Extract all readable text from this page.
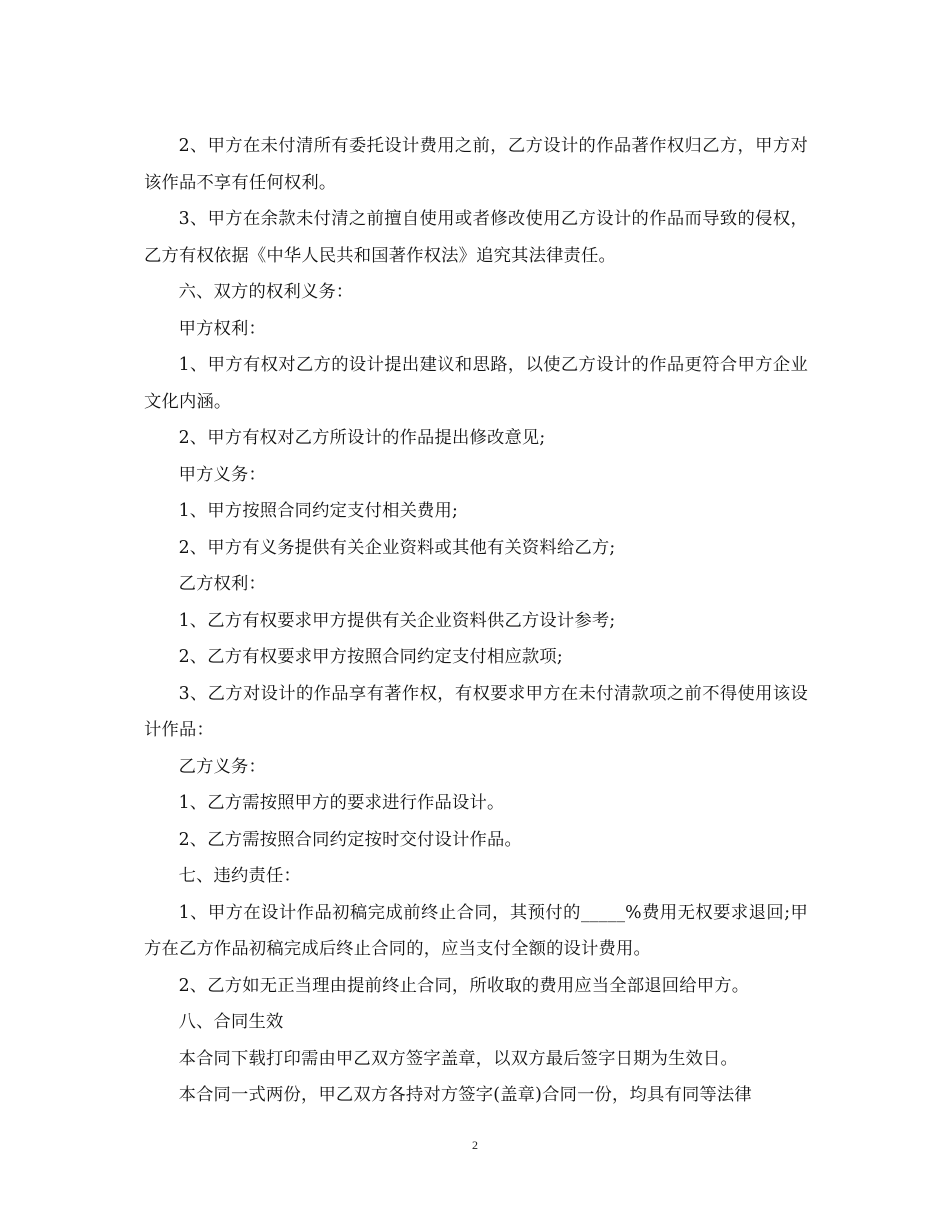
2、甲方在未付清所有委托设计费用之前，乙方设计的作品著作权归乙方，甲方对该作品不享有任何权利。

3、甲方在余款未付清之前擅自使用或者修改使用乙方设计的作品而导致的侵权，乙方有权依据《中华人民共和国著作权法》追究其法律责任。

六、双方的权利义务：

甲方权利：

1、甲方有权对乙方的设计提出建议和思路，以使乙方设计的作品更符合甲方企业文化内涵。

2、甲方有权对乙方所设计的作品提出修改意见;

甲方义务：

1、甲方按照合同约定支付相关费用;

2、甲方有义务提供有关企业资料或其他有关资料给乙方;

乙方权利：

1、乙方有权要求甲方提供有关企业资料供乙方设计参考;

2、乙方有权要求甲方按照合同约定支付相应款项;

3、乙方对设计的作品享有著作权，有权要求甲方在未付清款项之前不得使用该设计作品：

乙方义务：

1、乙方需按照甲方的要求进行作品设计。

2、乙方需按照合同约定按时交付设计作品。

七、违约责任：

1、甲方在设计作品初稿完成前终止合同，其预付的_____%费用无权要求退回;甲方在乙方作品初稿完成后终止合同的，应当支付全额的设计费用。

2、乙方如无正当理由提前终止合同，所收取的费用应当全部退回给甲方。

八、合同生效

本合同下载打印需由甲乙双方签字盖章，以双方最后签字日期为生效日。

本合同一式两份，甲乙双方各持对方签字(盖章)合同一份，均具有同等法律

2
